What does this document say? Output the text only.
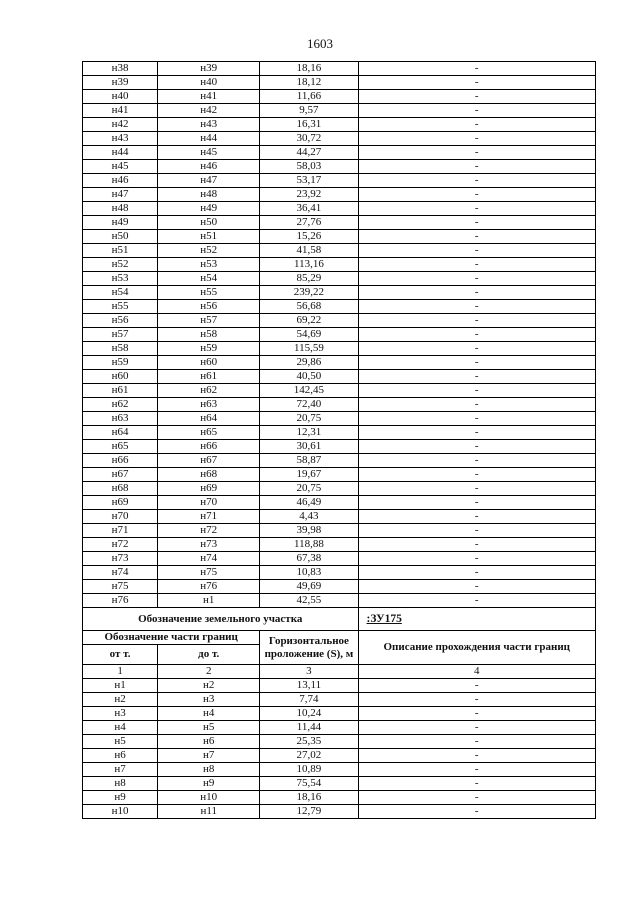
1603
н38	н39	18,16	-
н39	н40	18,12	-
н40	н41	11,66	-
н41	н42	9,57	-
н42	н43	16,31	-
н43	н44	30,72	-
н44	н45	44,27	-
н45	н46	58,03	-
н46	н47	53,17	-
н47	н48	23,92	-
н48	н49	36,41	-
н49	н50	27,76	-
н50	н51	15,26	-
н51	н52	41,58	-
н52	н53	113,16	-
н53	н54	85,29	-
н54	н55	239,22	-
н55	н56	56,68	-
н56	н57	69,22	-
н57	н58	54,69	-
н58	н59	115,59	-
н59	н60	29,86	-
н60	н61	40,50	-
н61	н62	142,45	-
н62	н63	72,40	-
н63	н64	20,75	-
н64	н65	12,31	-
н65	н66	30,61	-
н66	н67	58,87	-
н67	н68	19,67	-
н68	н69	20,75	-
н69	н70	46,49	-
н70	н71	4,43	-
н71	н72	39,98	-
н72	н73	118,88	-
н73	н74	67,38	-
н74	н75	10,83	-
н75	н76	49,69	-
н76	н1	42,55	-
Обозначение земельного участка			:ЗУ175
Обозначение части границ		Горизонтальное проложение (S), м	Описание прохождения части границ
от т.	до т.		
1	2	3	4
н1	н2	13,11	-
н2	н3	7,74	-
н3	н4	10,24	-
н4	н5	11,44	-
н5	н6	25,35	-
н6	н7	27,02	-
н7	н8	10,89	-
н8	н9	75,54	-
н9	н10	18,16	-
н10	н11	12,79	-
